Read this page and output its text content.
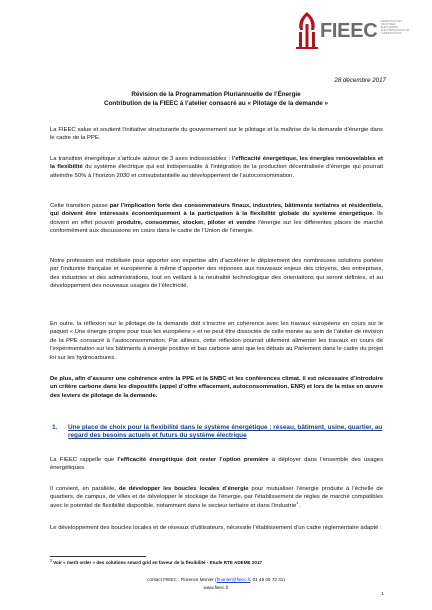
FIEEC FÉDÉRATION DES INDUSTRIES ÉLECTRIQUES, ÉLECTRONIQUES ET DE COMMUNICATION
28 décembre 2017
Révision de la Programmation Pluriannuelle de l’Énergie
Contribution de la FIEEC à l’atelier consacré au « Pilotage de la demande »

La FIEEC salue et soutient l’initiative structurante du gouvernement sur le pilotage et la maîtrise de la demande d’énergie dans le cadre de la PPE.

La transition énergétique s’articule autour de 3 axes indissociables : l’efficacité énergétique, les énergies renouvelables et la flexibilité du système électrique qui est indispensable à l’intégration de la production décentralisée d’énergie qui pourrait atteindre 50% à l’horizon 2030 et consubstantielle au développement de l’autoconsommation.

Cette transition passe par l’implication forte des consommateurs finaux, industries, bâtiments tertiaires et résidentiels, qui doivent être intéressés économiquement à la participation à la flexibilité globale du système énergétique. Ils doivent en effet pouvoir produire, consommer, stocker, piloter et vendre l’énergie sur les différentes places de marché conformément aux discussions en cours dans le cadre de l’Union de l’énergie.

Notre profession est mobilisée pour apporter son expertise afin d’accélérer le déploiement des nombreuses solutions portées par l’industrie française et européenne à même d’apporter des réponses aux nouveaux enjeux des citoyens, des entreprises, des industries et des administrations, tout en veillant à la neutralité technologique des orientations qui seront définies, et au développement des nouveaux usages de l’électricité.

En outre, la réflexion sur le pilotage de la demande doit s’inscrire en cohérence avec les travaux européens en cours sur le paquet « Une énergie propre pour tous les européens » et ne peut être dissociée de celle menée au sein de l’atelier de révision de la PPE consacré à l’autoconsommation. Par ailleurs, cette réflexion pourrait utilement alimenter les travaux en cours de l’expérimentation sur les bâtiments à énergie positive et bas carbone ainsi que les débats au Parlement dans le cadre du projet loi sur les hydrocarbures.

De plus, afin d’assurer une cohérence entre la PPE et la SNBC et les conférences climat, il est nécessaire d’introduire un critère carbone dans les dispositifs (appel d’offre effacement, autoconsommation, ENR) et lors de la mise en œuvre des leviers de pilotage de la demande.

1. Une place de choix pour la flexibilité dans le système énergétique : réseau, bâtiment, usine, quartier, au regard des besoins actuels et futurs du système électrique

La FIEEC rappelle que l’efficacité énergétique doit rester l’option première à déployer dans l’ensemble des usages énergétiques.

Il convient, en parallèle, de développer les boucles locales d’énergie pour mutualiser l’énergie produite à l’échelle de quartiers, de campus, de villes et de développer le stockage de l’énergie, par l’établissement de règles de marché compatibles avec le potentiel de flexibilité disponible, notamment dans le secteur tertiaire et dans l’industrie$^1$.

Le développement des boucles locales et de réseaux d’utilisateurs, nécessite l’établissement d’un cadre réglementaire adapté :

$^1$ Voir « merit order » des solutions smard grid en faveur de la flexibilité - Etude RTE ADEME 2017
contact FIEEC : Florence Monier (fmonier@fieec.fr, 01 45 05 72 31)
www.fieec.fr
1
